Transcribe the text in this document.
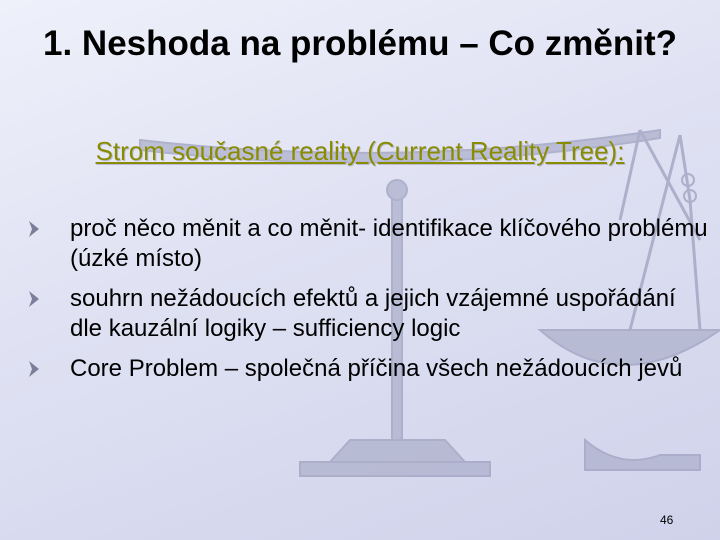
1. Neshoda na problému – Co změnit?
Strom současné reality (Current Reality Tree):
proč něco měnit a co měnit- identifikace klíčového problému (úzké místo)
souhrn nežádoucích efektů a jejich vzájemné uspořádání dle kauzální logiky – sufficiency logic
Core Problem – společná příčina všech nežádoucích jevů
46
